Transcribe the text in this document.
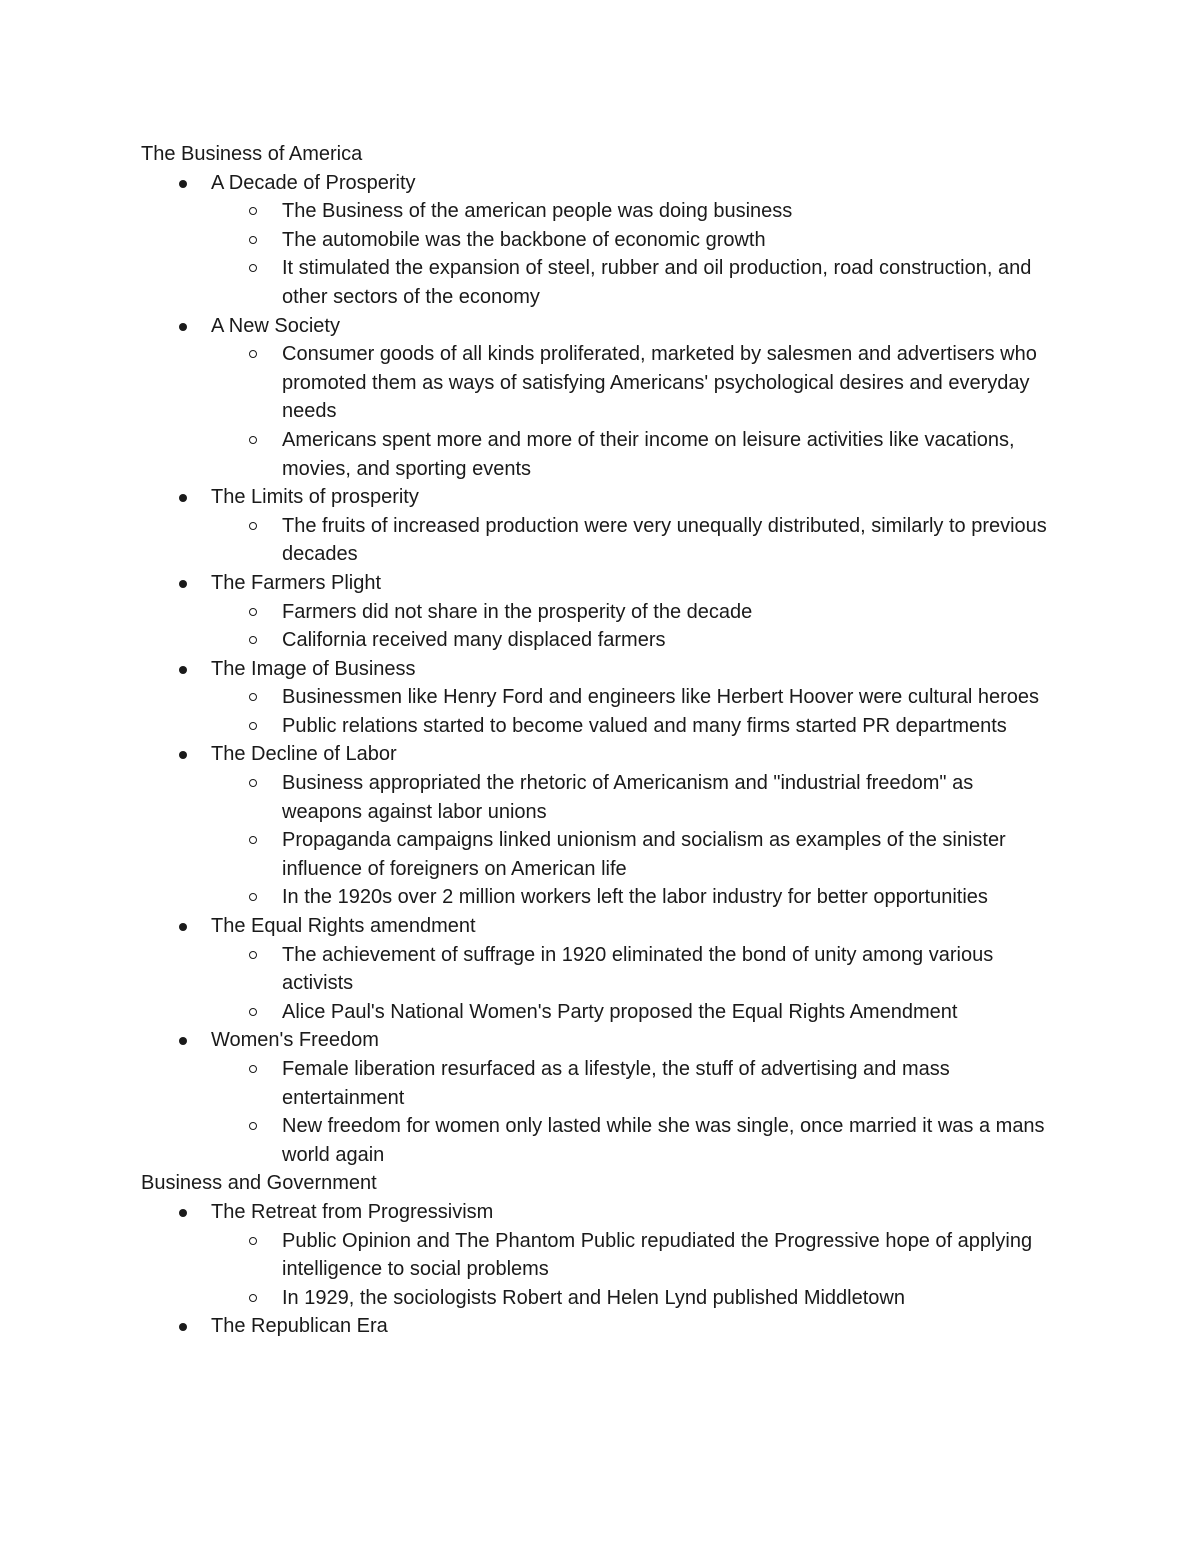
The Business of America

A Decade of Prosperity
The Business of the american people was doing business
The automobile was the backbone of economic growth
It stimulated the expansion of steel, rubber and oil production, road construction, and other sectors of the economy
A New Society
Consumer goods of all kinds proliferated, marketed by salesmen and advertisers who promoted them as ways of satisfying Americans' psychological desires and everyday needs
Americans spent more and more of their income on leisure activities like vacations, movies, and sporting events
The Limits of prosperity
The fruits of increased production were very unequally distributed, similarly to previous decades
The Farmers Plight
Farmers did not share in the prosperity of the decade
California received many displaced farmers
The Image of Business
Businessmen like Henry Ford and engineers like Herbert Hoover were cultural heroes
Public relations started to become valued and many firms started PR departments
The Decline of Labor
Business appropriated the rhetoric of Americanism and "industrial freedom" as weapons against labor unions
Propaganda campaigns linked unionism and socialism as examples of the sinister influence of foreigners on American life
In the 1920s over 2 million workers left the labor industry for better opportunities
The Equal Rights amendment
The achievement of suffrage in 1920 eliminated the bond of unity among various activists
Alice Paul's National Women's Party proposed the Equal Rights Amendment
Women's Freedom
Female liberation resurfaced as a lifestyle, the stuff of advertising and mass entertainment
New freedom for women only lasted while she was single, once married it was a mans world again

Business and Government

The Retreat from Progressivism
Public Opinion and The Phantom Public repudiated the Progressive hope of applying intelligence to social problems
In 1929, the sociologists Robert and Helen Lynd published Middletown
The Republican Era
